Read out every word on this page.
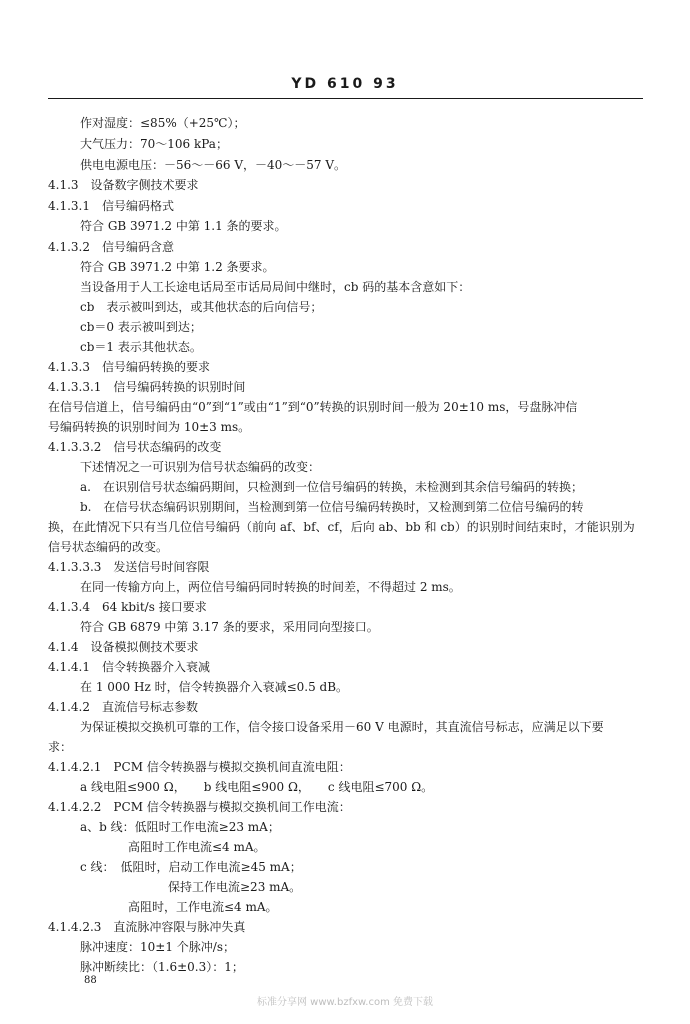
YD 610 93
作对湿度：≤85%（+25℃）；
大气压力：70～106 kPa；
供电电源电压：－56～－66 V，－40～－57 V。
4.1.3　设备数字侧技术要求
4.1.3.1　信号编码格式
符合 GB 3971.2 中第 1.1 条的要求。
4.1.3.2　信号编码含意
符合 GB 3971.2 中第 1.2 条要求。
当设备用于人工长途电话局至市话局局间中继时，cb 码的基本含意如下：
cb　表示被叫到达，或其他状态的后向信号；
cb＝0 表示被叫到达；
cb＝1 表示其他状态。
4.1.3.3　信号编码转换的要求
4.1.3.3.1　信号编码转换的识别时间
在信号信道上，信号编码由“0”到“1”或由“1”到“0”转换的识别时间一般为 20±10 ms，号盘脉冲信
号编码转换的识别时间为 10±3 ms。
4.1.3.3.2　信号状态编码的改变
下述情况之一可识别为信号状态编码的改变：
a.　在识别信号状态编码期间，只检测到一位信号编码的转换，未检测到其余信号编码的转换；
b.　在信号状态编码识别期间，当检测到第一位信号编码转换时，又检测到第二位信号编码的转
换，在此情况下只有当几位信号编码（前向 af、bf、cf，后向 ab、bb 和 cb）的识别时间结束时，才能识别为
信号状态编码的改变。
4.1.3.3.3　发送信号时间容限
在同一传输方向上，两位信号编码同时转换的时间差，不得超过 2 ms。
4.1.3.4　64 kbit/s 接口要求
符合 GB 6879 中第 3.17 条的要求，采用同向型接口。
4.1.4　设备模拟侧技术要求
4.1.4.1　信令转换器介入衰减
在 1 000 Hz 时，信令转换器介入衰减≤0.5 dB。
4.1.4.2　直流信号标志参数
为保证模拟交换机可靠的工作，信令接口设备采用－60 V 电源时，其直流信号标志，应满足以下要
求：
4.1.4.2.1　PCM 信令转换器与模拟交换机间直流电阻：
a 线电阻≤900 Ω，　　b 线电阻≤900 Ω，　　c 线电阻≤700 Ω。
4.1.4.2.2　PCM 信令转换器与模拟交换机间工作电流：
a、b 线：低阻时工作电流≥23 mA；
高阻时工作电流≤4 mA。
c 线：　低阻时，启动工作电流≥45 mA；
保持工作电流≥23 mA。
高阻时，工作电流≤4 mA。
4.1.4.2.3　直流脉冲容限与脉冲失真
脉冲速度：10±1 个脉冲/s；
脉冲断续比：（1.6±0.3）：1；
88
标准分享网 www.bzfxw.com 免费下载
